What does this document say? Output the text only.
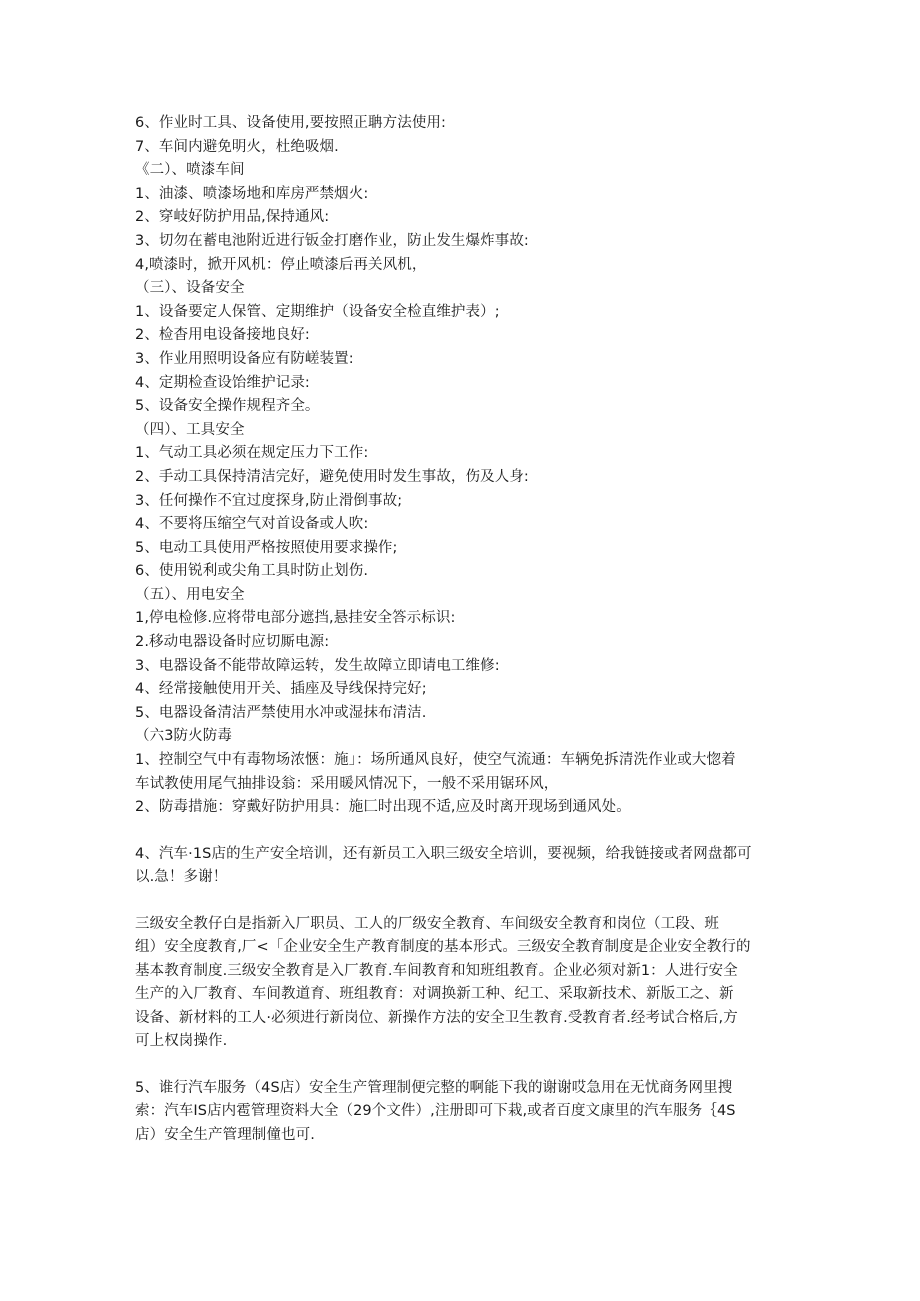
6、作业时工具、设备使用,要按照正聃方法使用:
7、车间内避免明火，杜绝吸烟.
《二）、喷漆车间
1、油漆、喷漆场地和库房严禁烟火:
2、穿岐好防护用品,保持通风:
3、切勿在蓄电池附近进行钣金打磨作业，防止发生爆炸事故:
4,喷漆时，掀开风机：停止喷漆后再关风机，
（三）、设备安全
1、设备要定人保管、定期维护（设备安全检直维护表）;
2、检杳用电设备接地良好:
3、作业用照明设备应有防嵯装置:
4、定期检查设饴维护记录:
5、设备安全操作规程齐全。
（四）、工具安全
1、气动工具必须在规定压力下工作:
2、手动工具保持清洁完好，避免使用时发生事故，伤及人身:
3、任何操作不宜过度探身,防止滑倒事故;
4、不要将压缩空气对首设备或人吹:
5、电动工具使用严格按照使用要求操作;
6、使用锐利或尖角工具时防止划伤.
（五）、用电安全
1,停电检修.应将带电部分遮挡,悬挂安全答示标识:
2.移动电器设备时应切厮电源:
3、电器设备不能带故障运转，发生故障立即请电工维修:
4、经常接触使用开关、插座及导线保持完好;
5、电器设备清洁严禁使用水冲或湿抹布清洁.
（六3防火防毒
1、控制空气中有毒物场浓愜：施」：场所通风良好，使空气流通：车辆免拆清洗作业或大惚着
车试教使用尾气抽排设翁：采用暖风情况下，一般不采用锯环风，
2、防毒措施：穿戴好防护用具：施匚时出现不适,应及时离开现场到通风处。
4、汽车·1S店的生产安全培训，还有新员工入职三级安全培训，要视频，给我链接或者网盘都可
以.急！多谢！
三级安全教仔白是指新入厂职员、工人的厂级安全教育、车间级安全教育和岗位（工段、班
组）安全度教育,厂<「企业安全生产教育制度的基本形式。三级安全教育制度是企业安全教行的
基本教育制度.三级安全教育是入厂教育.车间教育和知班组教育。企业必须对新1：人进行安全
生产的入厂教育、车间教道育、班组教育：对调换新工种、纪工、采取新技术、新版工之、新
设备、新材料的工人·必须进行新岗位、新操作方法的安全卫生教育.受教育者.经考试合格后,方
可上权岗操作.
5、谁行汽车服务（4S店）安全生产管理制便完整的啊能下我的谢谢哎急用在无忧商务网里搜
索：汽车IS店内雹管理资料大全（29个文件）,注册即可下栽,或者百度文康里的汽车服务｛4S
店）安全生产管理制僮也可.
